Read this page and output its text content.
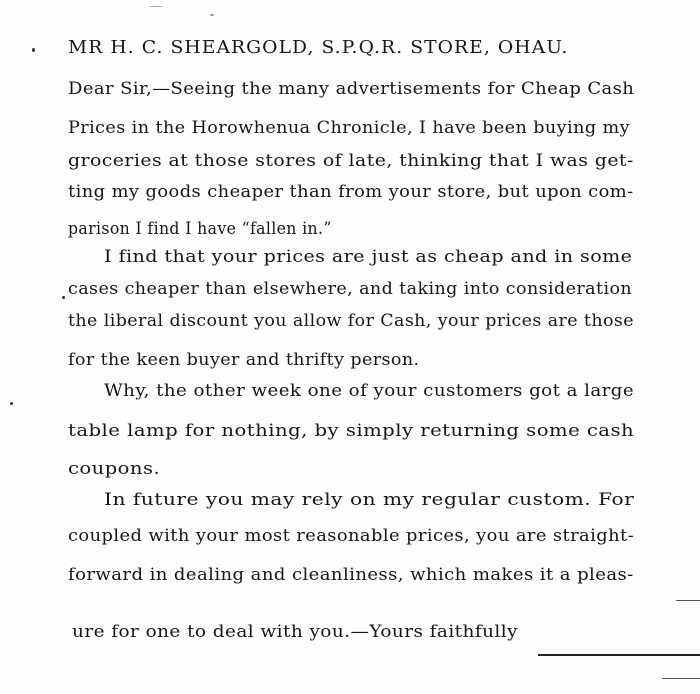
MR H. C. SHEARGOLD, S.P.Q.R. STORE, OHAU.
Dear Sir,—Seeing the many advertisements for Cheap Cash
Prices in the Horowhenua Chronicle, I have been buying my
groceries at those stores of late, thinking that I was get-
ting my goods cheaper than from your store, but upon com-
parison I find I have “fallen in.”
I find that your prices are just as cheap and in some
cases cheaper than elsewhere, and taking into consideration
the liberal discount you allow for Cash, your prices are those
for the keen buyer and thrifty person.
Why, the other week one of your customers got a large
table lamp for nothing, by simply returning some cash
coupons.
In future you may rely on my regular custom. For
coupled with your most reasonable prices, you are straight-
forward in dealing and cleanliness, which makes it a pleas-
ure for one to deal with you.—Yours faithfully
